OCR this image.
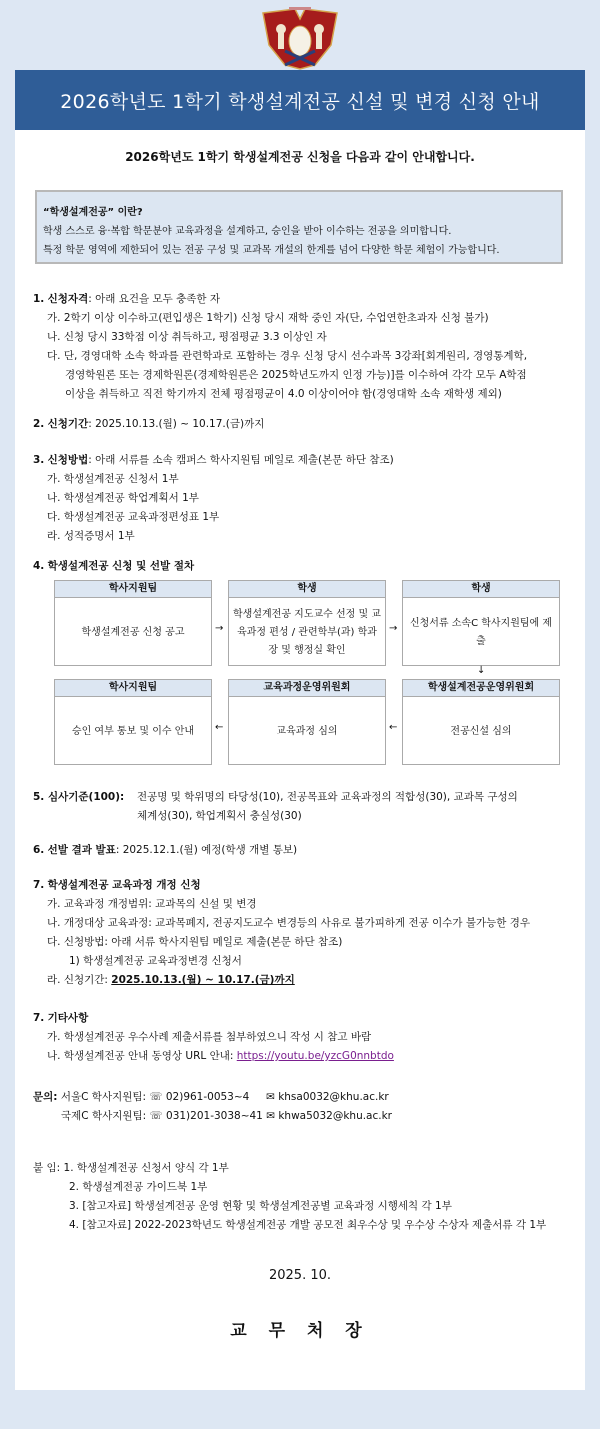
2026학년도 1학기 학생설계전공 신설 및 변경 신청 안내
2026학년도 1학기 학생설계전공 신청을 다음과 같이 안내합니다.
“학생설계전공” 이란?
학생 스스로 융·복합 학문분야 교육과정을 설계하고, 승인을 받아 이수하는 전공을 의미합니다.
특정 학문 영역에 제한되어 있는 전공 구성 및 교과목 개설의 한계를 넘어 다양한 학문 체험이 가능합니다.
1. 신청자격: 아래 요건을 모두 충족한 자
가. 2학기 이상 이수하고(편입생은 1학기) 신청 당시 재학 중인 자(단, 수업연한초과자 신청 불가)
나. 신청 당시 33학점 이상 취득하고, 평점평균 3.3 이상인 자
다. 단, 경영대학 소속 학과를 관련학과로 포함하는 경우 신청 당시 선수과목 3강좌[회계원리, 경영통계학,
경영학원론 또는 경제학원론(경제학원론은 2025학년도까지 인정 가능)]를 이수하여 각각 모두 A학점
이상을 취득하고 직전 학기까지 전체 평점평균이 4.0 이상이어야 함(경영대학 소속 재학생 제외)
2. 신청기간: 2025.10.13.(월) ~ 10.17.(금)까지
3. 신청방법: 아래 서류를 소속 캠퍼스 학사지원팀 메일로 제출(본문 하단 참조)
가. 학생설계전공 신청서 1부
나. 학생설계전공 학업계획서 1부
다. 학생설계전공 교육과정편성표 1부
라. 성적증명서 1부
4. 학생설계전공 신청 및 선발 절차
학사지원팀
학생설계전공 신청 공고
학생
학생설계전공 지도교수 선정 및 교육과정 편성 / 관련학부(과) 학과장 및 행정실 확인
학생
신청서류 소속C 학사지원팀에 제출
학생설계전공운영위원회
전공신설 심의
교육과정운영위원회
교육과정 심의
학사지원팀
승인 여부 통보 및 이수 안내
→	→
↓
←
←
5. 심사기준(100):	전공명 및 학위명의 타당성(10), 전공목표와 교육과정의 적합성(30), 교과목 구성의
체계성(30), 학업계획서 충실성(30)
6. 선발 결과 발표: 2025.12.1.(월) 예정(학생 개별 통보)
7. 학생설계전공 교육과정 개정 신청
가. 교육과정 개정범위: 교과목의 신설 및 변경
나. 개정대상 교육과정: 교과목폐지, 전공지도교수 변경등의 사유로 불가피하게 전공 이수가 불가능한 경우
다. 신청방법: 아래 서류 학사지원팀 메일로 제출(본문 하단 참조)
1) 학생설계전공 교육과정변경 신청서
라. 신청기간: 2025.10.13.(월) ~ 10.17.(금)까지
7. 기타사항
가. 학생설계전공 우수사례 제출서류를 첨부하였으니 작성 시 참고 바람
나. 학생설계전공 안내 동영상 URL 안내: https://youtu.be/yzcG0nnbtdo
문의: 서울C 학사지원팀: ☏ 02)961-0053~4 ✉ khsa0032@khu.ac.kr
국제C 학사지원팀: ☏ 031)201-3038~41 ✉ khwa5032@khu.ac.kr
붙 임: 1. 학생설계전공 신청서 양식 각 1부
2. 학생설계전공 가이드북 1부
3. [참고자료] 학생설계전공 운영 현황 및 학생설계전공별 교육과정 시행세칙 각 1부
4. [참고자료] 2022-2023학년도 학생설계전공 개발 공모전 최우수상 및 우수상 수상자 제출서류 각 1부
2025. 10.
교 무 처 장
